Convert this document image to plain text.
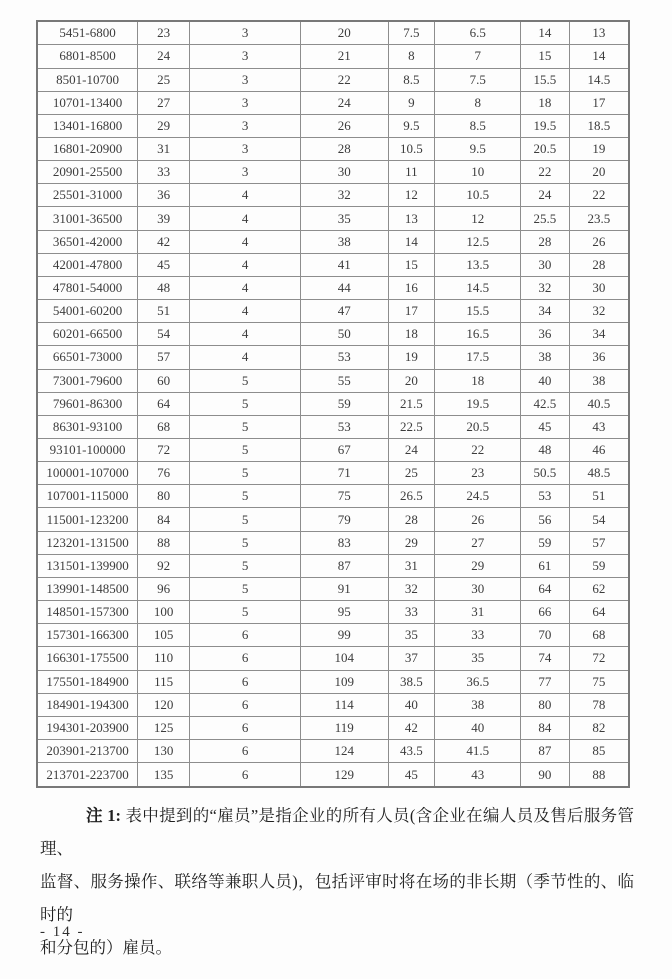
5451-6800	23	3	20	7.5	6.5	14	13
6801-8500	24	3	21	8	7	15	14
8501-10700	25	3	22	8.5	7.5	15.5	14.5
10701-13400	27	3	24	9	8	18	17
13401-16800	29	3	26	9.5	8.5	19.5	18.5
16801-20900	31	3	28	10.5	9.5	20.5	19
20901-25500	33	3	30	11	10	22	20
25501-31000	36	4	32	12	10.5	24	22
31001-36500	39	4	35	13	12	25.5	23.5
36501-42000	42	4	38	14	12.5	28	26
42001-47800	45	4	41	15	13.5	30	28
47801-54000	48	4	44	16	14.5	32	30
54001-60200	51	4	47	17	15.5	34	32
60201-66500	54	4	50	18	16.5	36	34
66501-73000	57	4	53	19	17.5	38	36
73001-79600	60	5	55	20	18	40	38
79601-86300	64	5	59	21.5	19.5	42.5	40.5
86301-93100	68	5	53	22.5	20.5	45	43
93101-100000	72	5	67	24	22	48	46
100001-107000	76	5	71	25	23	50.5	48.5
107001-115000	80	5	75	26.5	24.5	53	51
115001-123200	84	5	79	28	26	56	54
123201-131500	88	5	83	29	27	59	57
131501-139900	92	5	87	31	29	61	59
139901-148500	96	5	91	32	30	64	62
148501-157300	100	5	95	33	31	66	64
157301-166300	105	6	99	35	33	70	68
166301-175500	110	6	104	37	35	74	72
175501-184900	115	6	109	38.5	36.5	77	75
184901-194300	120	6	114	40	38	80	78
194301-203900	125	6	119	42	40	84	82
203901-213700	130	6	124	43.5	41.5	87	85
213701-223700	135	6	129	45	43	90	88
注 1: 表中提到的“雇员”是指企业的所有人员(含企业在编人员及售后服务管理、
监督、服务操作、联络等兼职人员)，包括评审时将在场的非长期（季节性的、临时的
和分包的）雇员。
- 14 -
